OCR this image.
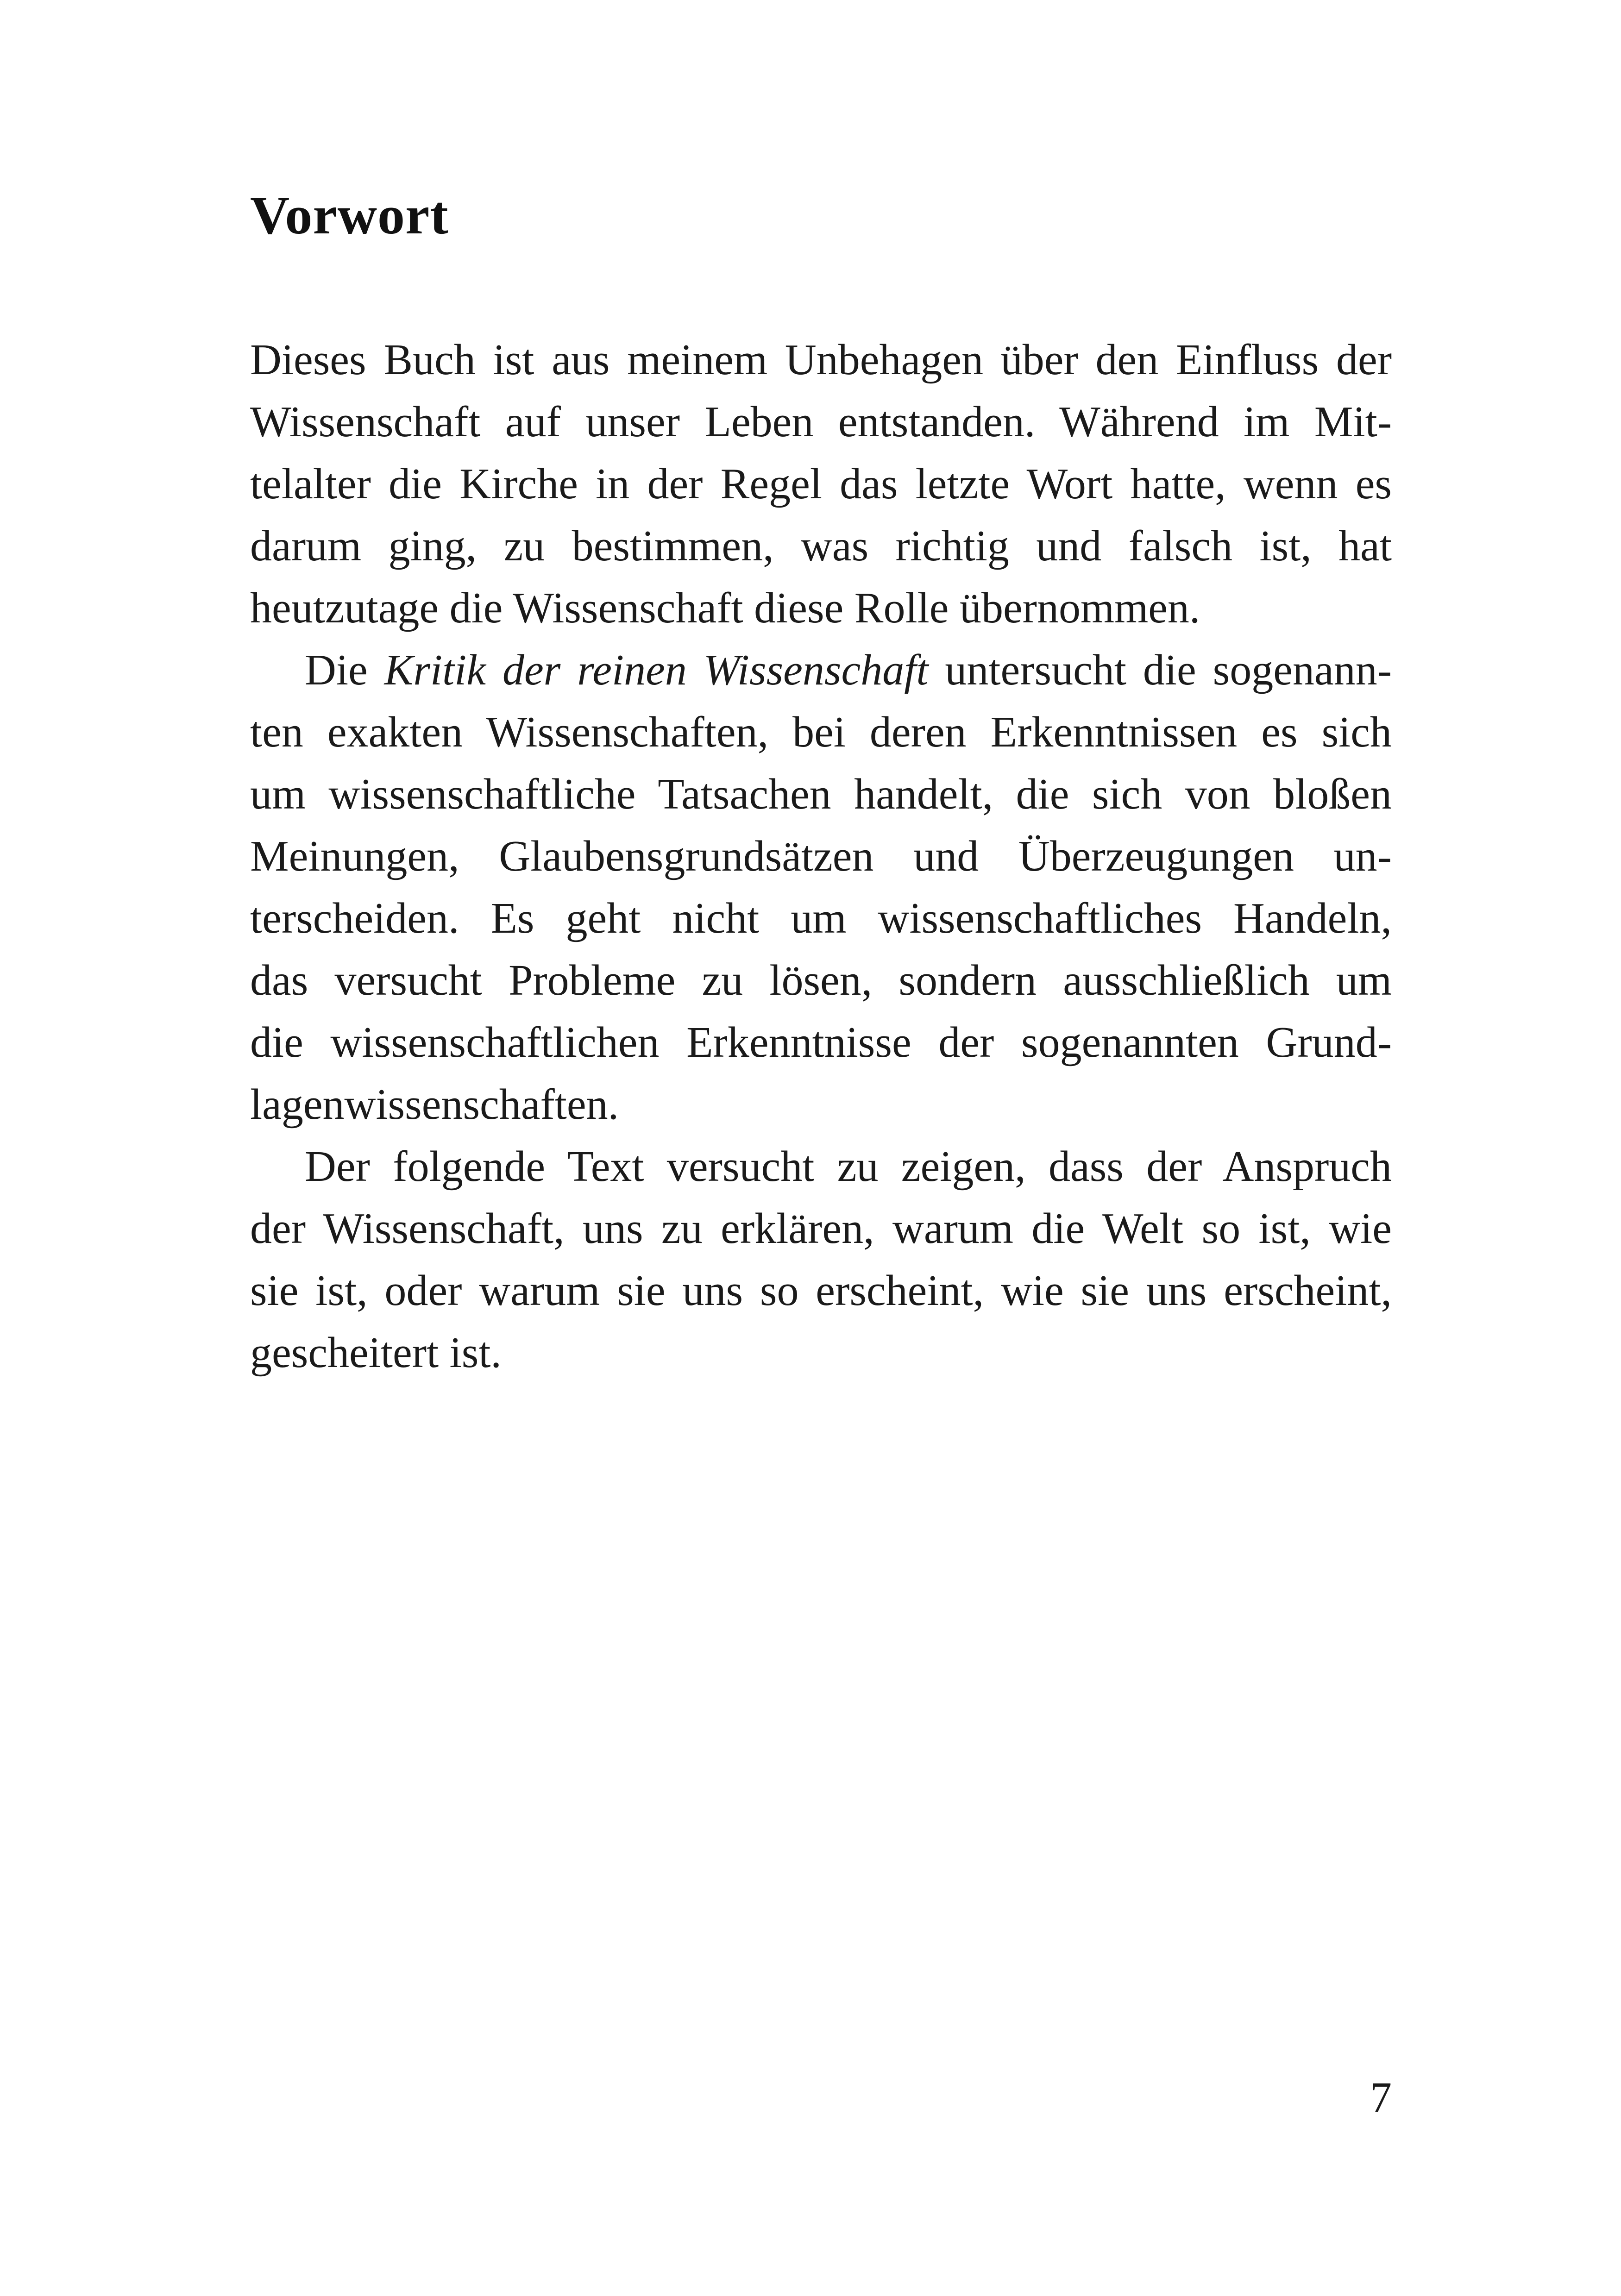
Vorwort
Dieses Buch ist aus meinem Unbehagen über den Einfluss der
Wissenschaft auf unser Leben entstanden. Während im Mit-
telalter die Kirche in der Regel das letzte Wort hatte, wenn es
darum ging, zu bestimmen, was richtig und falsch ist, hat
heutzutage die Wissenschaft diese Rolle übernommen.
Die Kritik der reinen Wissenschaft untersucht die sogenann-
ten exakten Wissenschaften, bei deren Erkenntnissen es sich
um wissenschaftliche Tatsachen handelt, die sich von bloßen
Meinungen, Glaubensgrundsätzen und Überzeugungen un-
terscheiden. Es geht nicht um wissenschaftliches Handeln,
das versucht Probleme zu lösen, sondern ausschließlich um
die wissenschaftlichen Erkenntnisse der sogenannten Grund-
lagenwissenschaften.
Der folgende Text versucht zu zeigen, dass der Anspruch
der Wissenschaft, uns zu erklären, warum die Welt so ist, wie
sie ist, oder warum sie uns so erscheint, wie sie uns erscheint,
gescheitert ist.
7
